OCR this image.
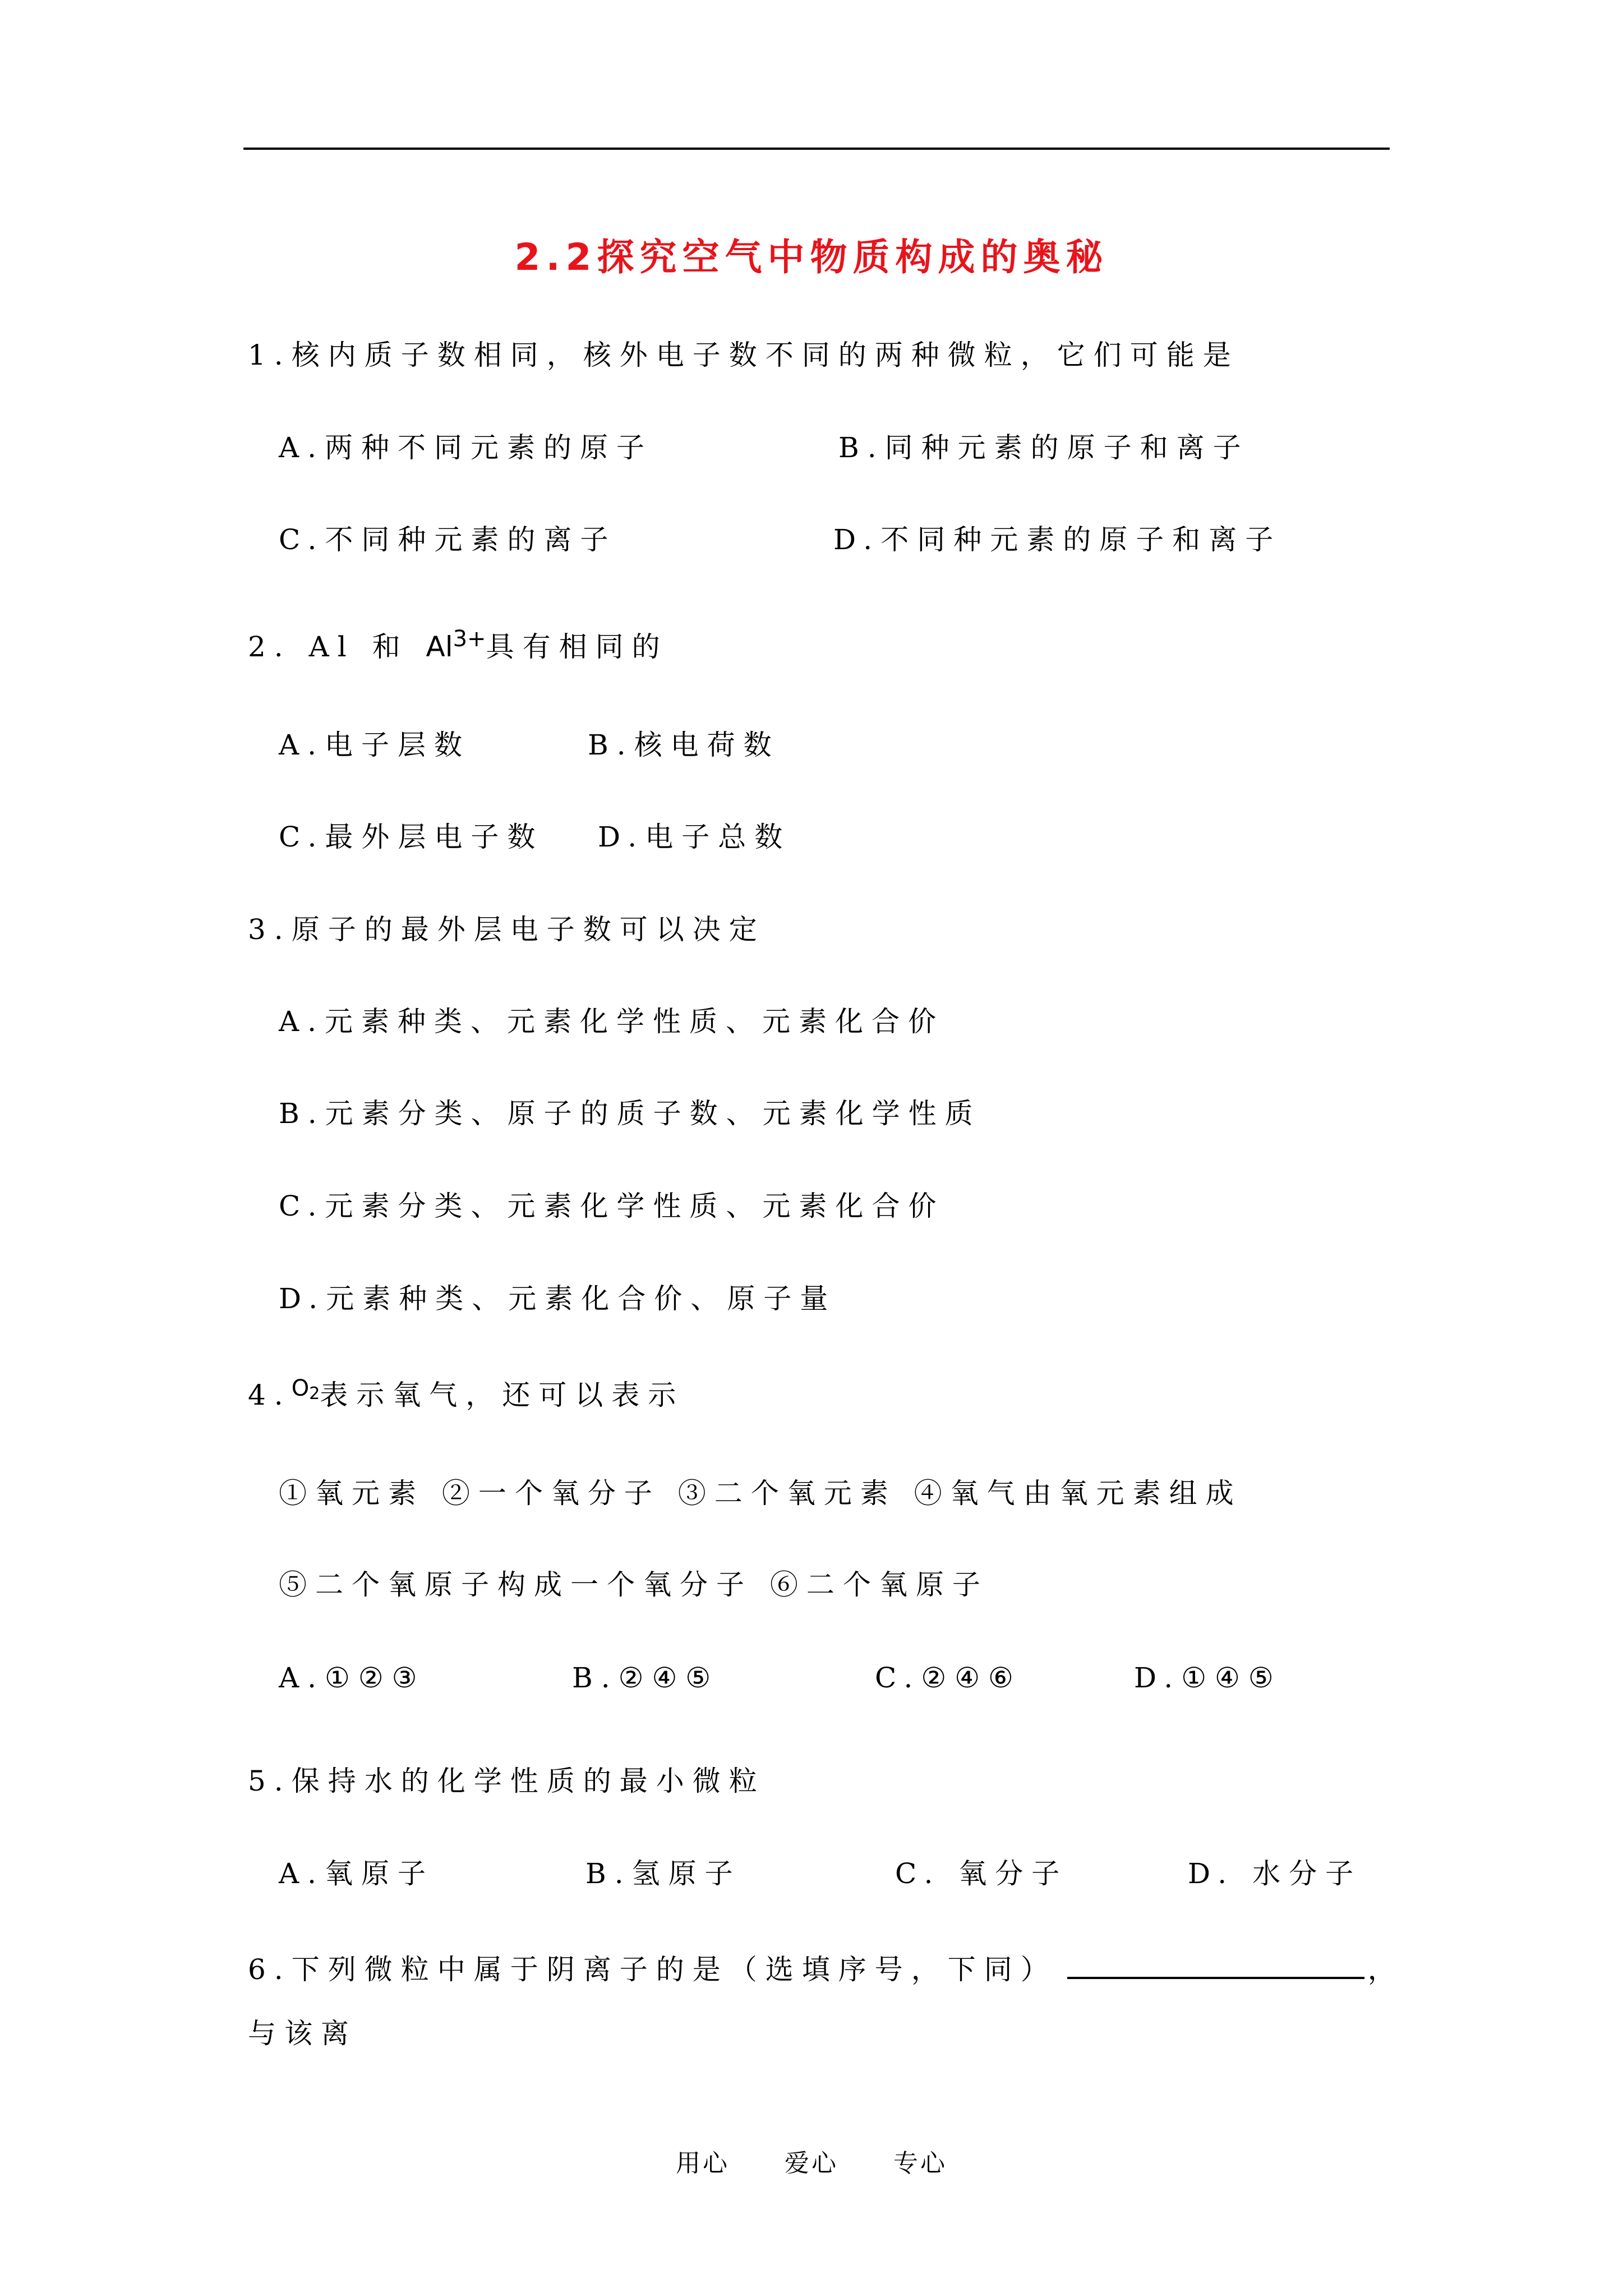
2.2探究空气中物质构成的奥秘
1.核内质子数相同，核外电子数不同的两种微粒，它们可能是
A.两种不同元素的原子	B.同种元素的原子和离子
C.不同种元素的离子	D.不同种元素的原子和离子
2. Al 和 $Al^{3+}$具有相同的
A.电子层数	B.核电荷数
C.最外层电子数 D.电子总数
3.原子的最外层电子数可以决定
A.元素种类、元素化学性质、元素化合价
B.元素分类、原子的质子数、元素化学性质
C.元素分类、元素化学性质、元素化合价
D.元素种类、元素化合价、原子量
4.$^{O2}$表示氧气，还可以表示
①氧元素 ②一个氧分子 ③二个氧元素 ④氧气由氧元素组成
⑤二个氧原子构成一个氧分子 ⑥二个氧原子
A.①②③	B.②④⑤	C.②④⑥	D.①④⑤
5.保持水的化学性质的最小微粒
A.氧原子	B.氢原子	C. 氧分子	D. 水分子
6.下列微粒中属于阴离子的是（选填序号，下同）	，
与该离
用心 爱心 专心
